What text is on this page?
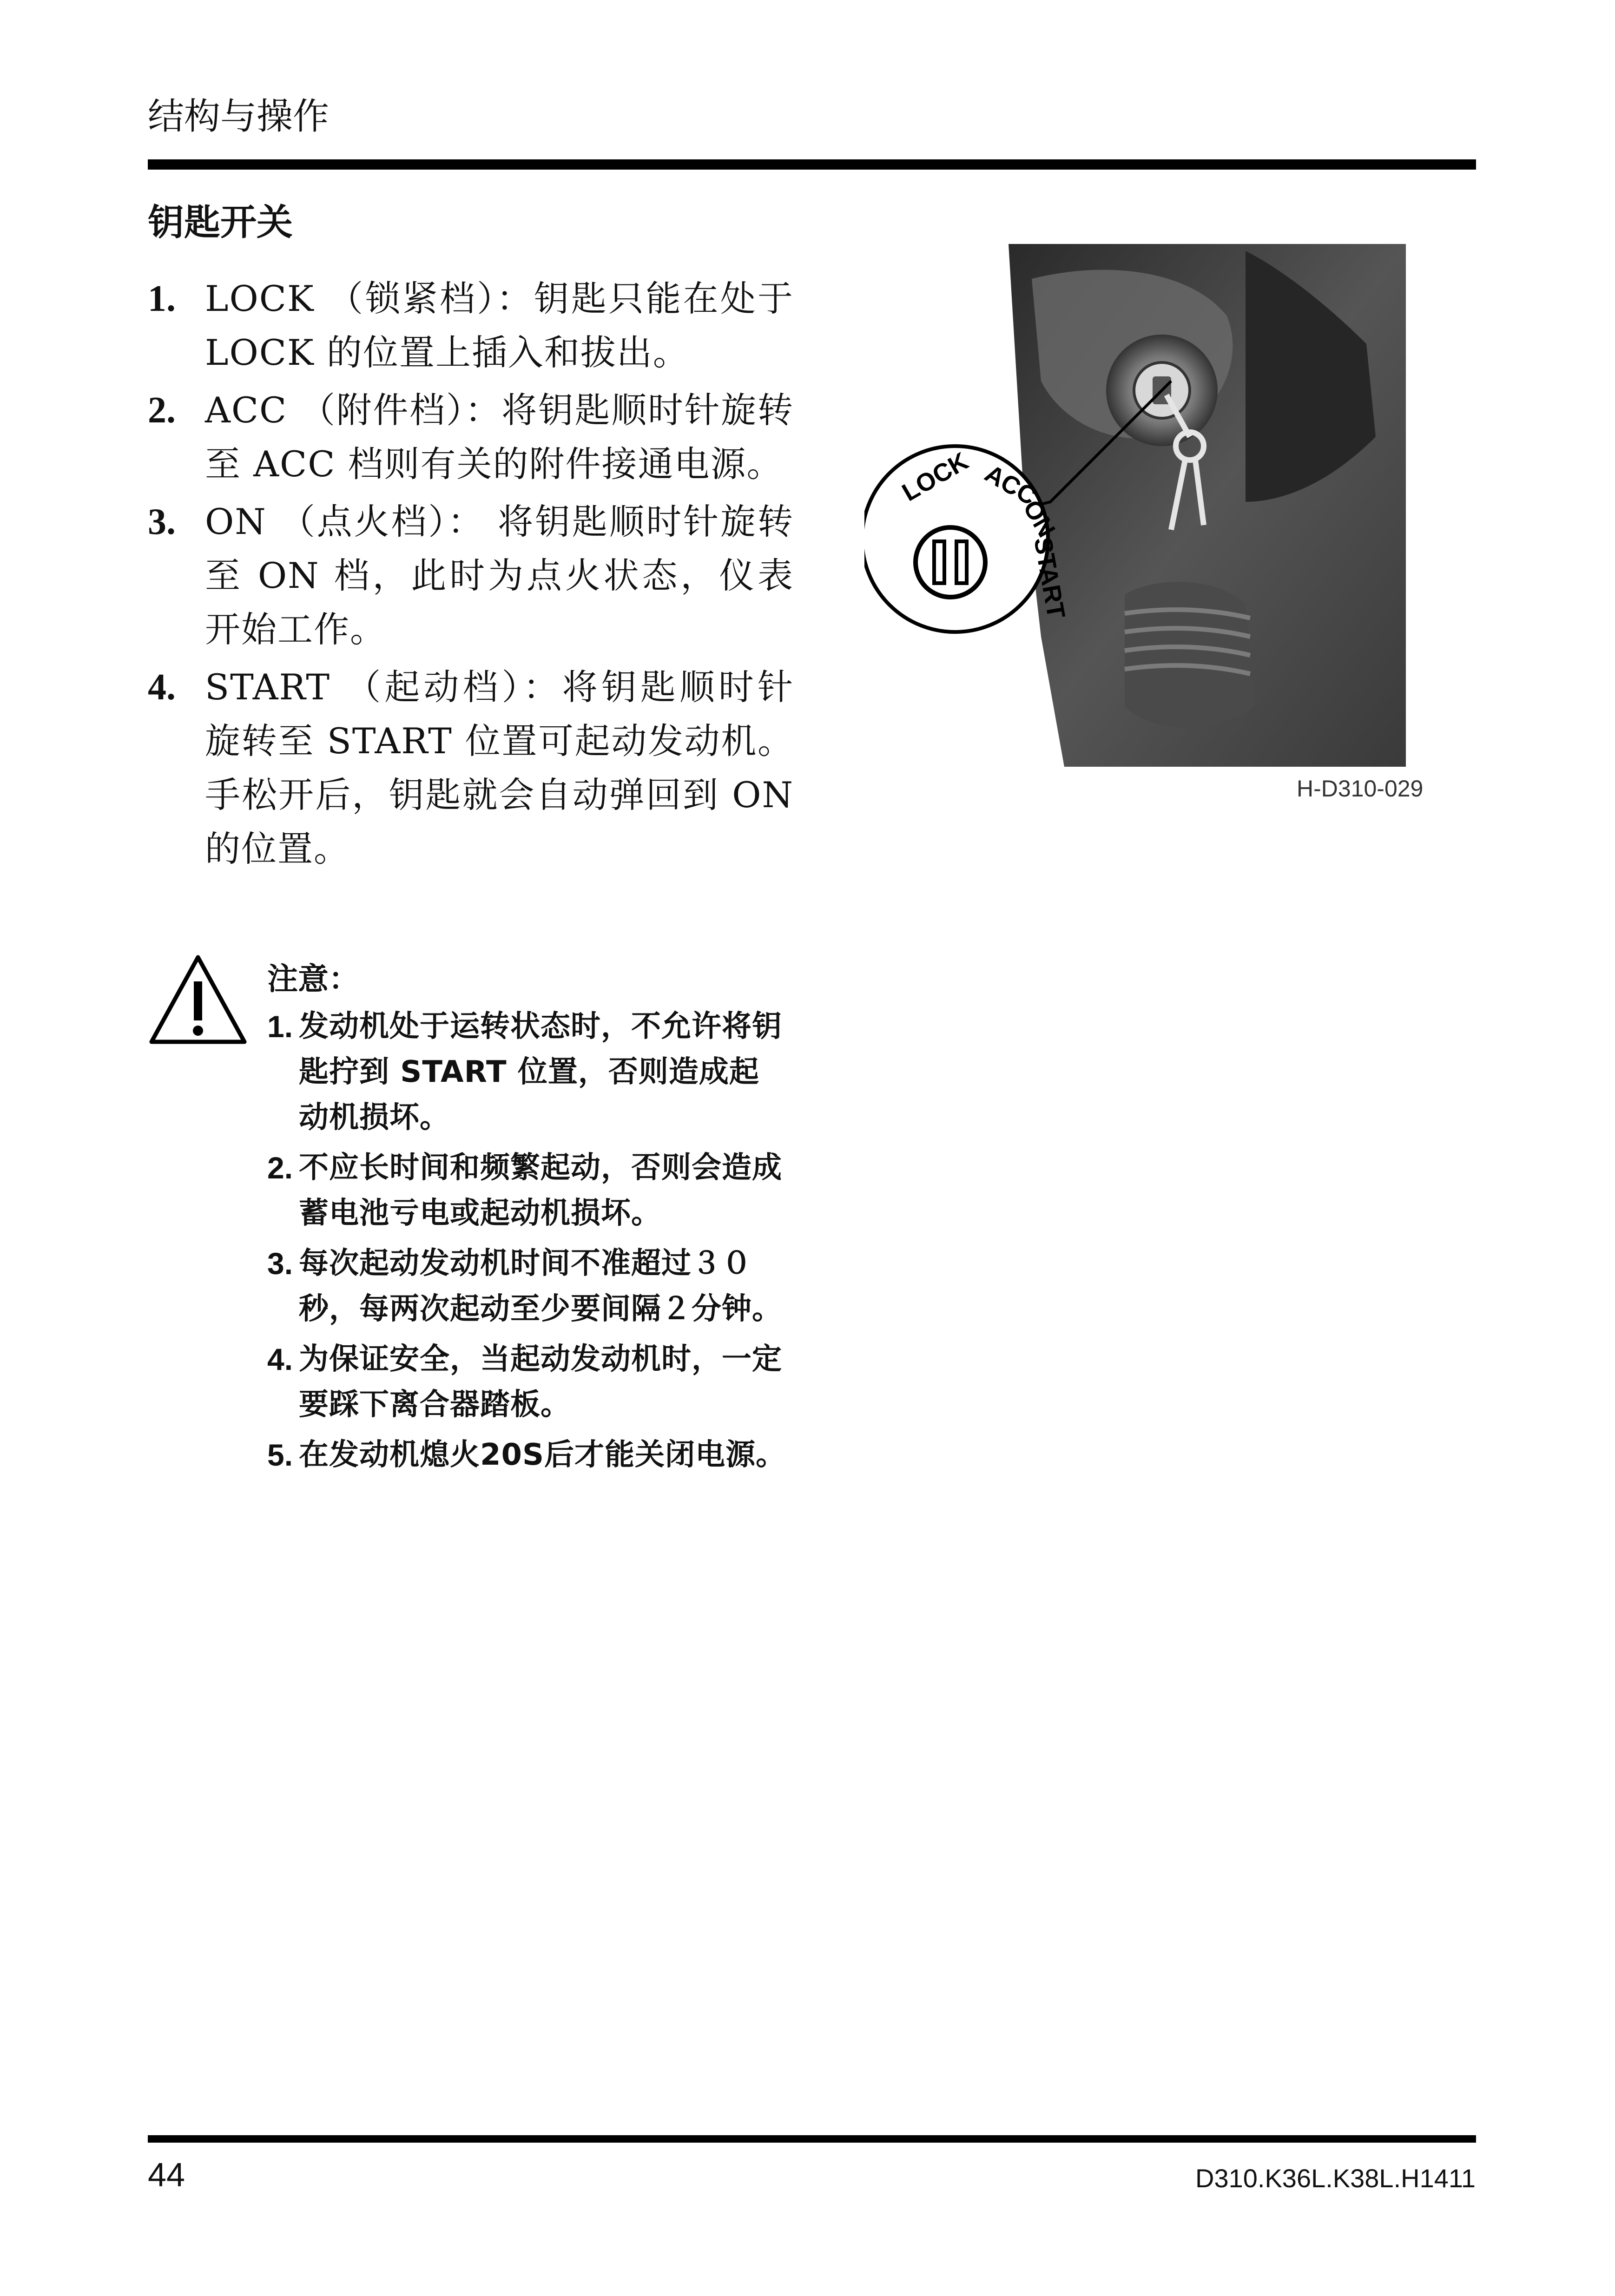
结构与操作
钥匙开关
1. LOCK （锁紧档）：钥匙只能在处于 LOCK 的位置上插入和拔出。
2. ACC （附件档）：将钥匙顺时针旋转至 ACC 档则有关的附件接通电源。
3. ON （点火档）： 将钥匙顺时针旋转至 ON 档，此时为点火状态，仪表开始工作。
4. START （起动档）：将钥匙顺时针旋转至 START 位置可起动发动机。手松开后，钥匙就会自动弹回到 ON 的位置。
注意：
1. 发动机处于运转状态时，不允许将钥匙拧到 START 位置，否则造成起动机损坏。
2. 不应长时间和频繁起动，否则会造成蓄电池亏电或起动机损坏。
3. 每次起动发动机时间不准超过３０秒，每两次起动至少要间隔２分钟。
4. 为保证安全，当起动发动机时，一定要踩下离合器踏板。
5. 在发动机熄火20S后才能关闭电源。
LOCK ACC
ON
START
H-D310-029
44	D310.K36L.K38L.H1411
